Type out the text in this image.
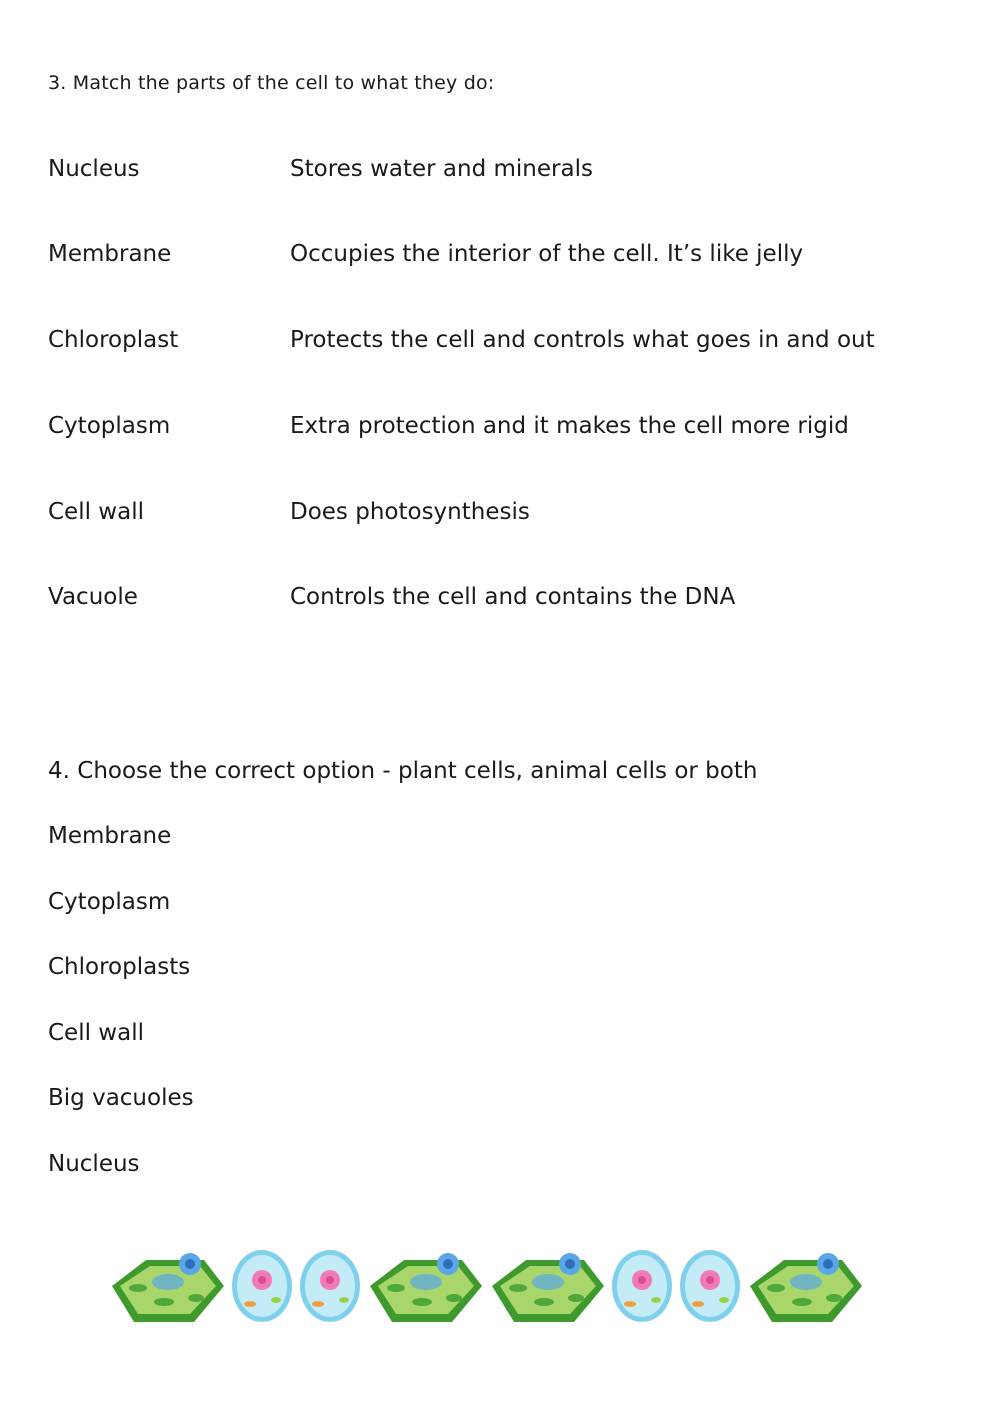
3. Match the parts of the cell to what they do:
Nucleus	Stores water and minerals
Membrane	Occupies the interior of the cell. It’s like jelly
Chloroplast	Protects the cell and controls what goes in and out
Cytoplasm	Extra protection and it makes the cell more rigid
Cell wall	Does photosynthesis
Vacuole	Controls the cell and contains the DNA
4. Choose the correct option - plant cells, animal cells or both
Membrane
Cytoplasm
Chloroplasts
Cell wall
Big vacuoles
Nucleus
